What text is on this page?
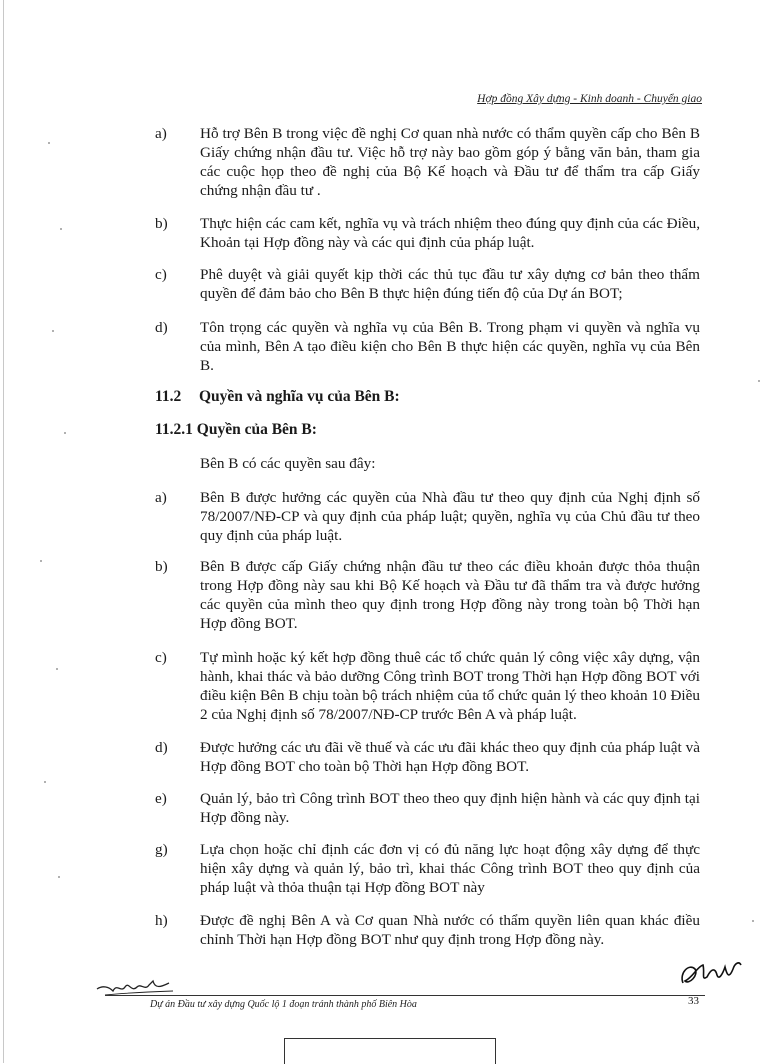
Hợp đồng Xây dựng - Kinh doanh - Chuyển giao
a) Hỗ trợ Bên B trong việc đề nghị Cơ quan nhà nước có thẩm quyền cấp cho Bên B Giấy chứng nhận đầu tư. Việc hỗ trợ này bao gồm góp ý bằng văn bản, tham gia các cuộc họp theo đề nghị của Bộ Kế hoạch và Đầu tư để thẩm tra cấp Giấy chứng nhận đầu tư .
b) Thực hiện các cam kết, nghĩa vụ và trách nhiệm theo đúng quy định của các Điều, Khoản tại Hợp đồng này và các qui định của pháp luật.
c) Phê duyệt và giải quyết kịp thời các thủ tục đầu tư xây dựng cơ bản theo thẩm quyền để đảm bảo cho Bên B thực hiện đúng tiến độ của Dự án BOT;
d) Tôn trọng các quyền và nghĩa vụ của Bên B. Trong phạm vi quyền và nghĩa vụ của mình, Bên A tạo điều kiện cho Bên B thực hiện các quyền, nghĩa vụ của Bên B.
11.2 Quyền và nghĩa vụ của Bên B:
11.2.1 Quyền của Bên B:
Bên B có các quyền sau đây:
a) Bên B được hưởng các quyền của Nhà đầu tư theo quy định của Nghị định số 78/2007/NĐ-CP và quy định của pháp luật; quyền, nghĩa vụ của Chủ đầu tư theo quy định của pháp luật.
b) Bên B được cấp Giấy chứng nhận đầu tư theo các điều khoản được thỏa thuận trong Hợp đồng này sau khi Bộ Kế hoạch và Đầu tư đã thẩm tra và được hưởng các quyền của mình theo quy định trong Hợp đồng này trong toàn bộ Thời hạn Hợp đồng BOT.
c) Tự mình hoặc ký kết hợp đồng thuê các tổ chức quản lý công việc xây dựng, vận hành, khai thác và bảo dưỡng Công trình BOT trong Thời hạn Hợp đồng BOT với điều kiện Bên B chịu toàn bộ trách nhiệm của tổ chức quản lý theo khoản 10 Điều 2 của Nghị định số 78/2007/NĐ-CP trước Bên A và pháp luật.
d) Được hưởng các ưu đãi về thuế và các ưu đãi khác theo quy định của pháp luật và Hợp đồng BOT cho toàn bộ Thời hạn Hợp đồng BOT.
e) Quản lý, bảo trì Công trình BOT theo theo quy định hiện hành và các quy định tại Hợp đồng này.
g) Lựa chọn hoặc chỉ định các đơn vị có đủ năng lực hoạt động xây dựng để thực hiện xây dựng và quản lý, bảo trì, khai thác Công trình BOT theo quy định của pháp luật và thỏa thuận tại Hợp đồng BOT này
h) Được đề nghị Bên A và Cơ quan Nhà nước có thẩm quyền liên quan khác điều chỉnh Thời hạn Hợp đồng BOT như quy định trong Hợp đồng này.
Dự án Đầu tư xây dựng Quốc lộ 1 đoạn tránh thành phố Biên Hòa	33
